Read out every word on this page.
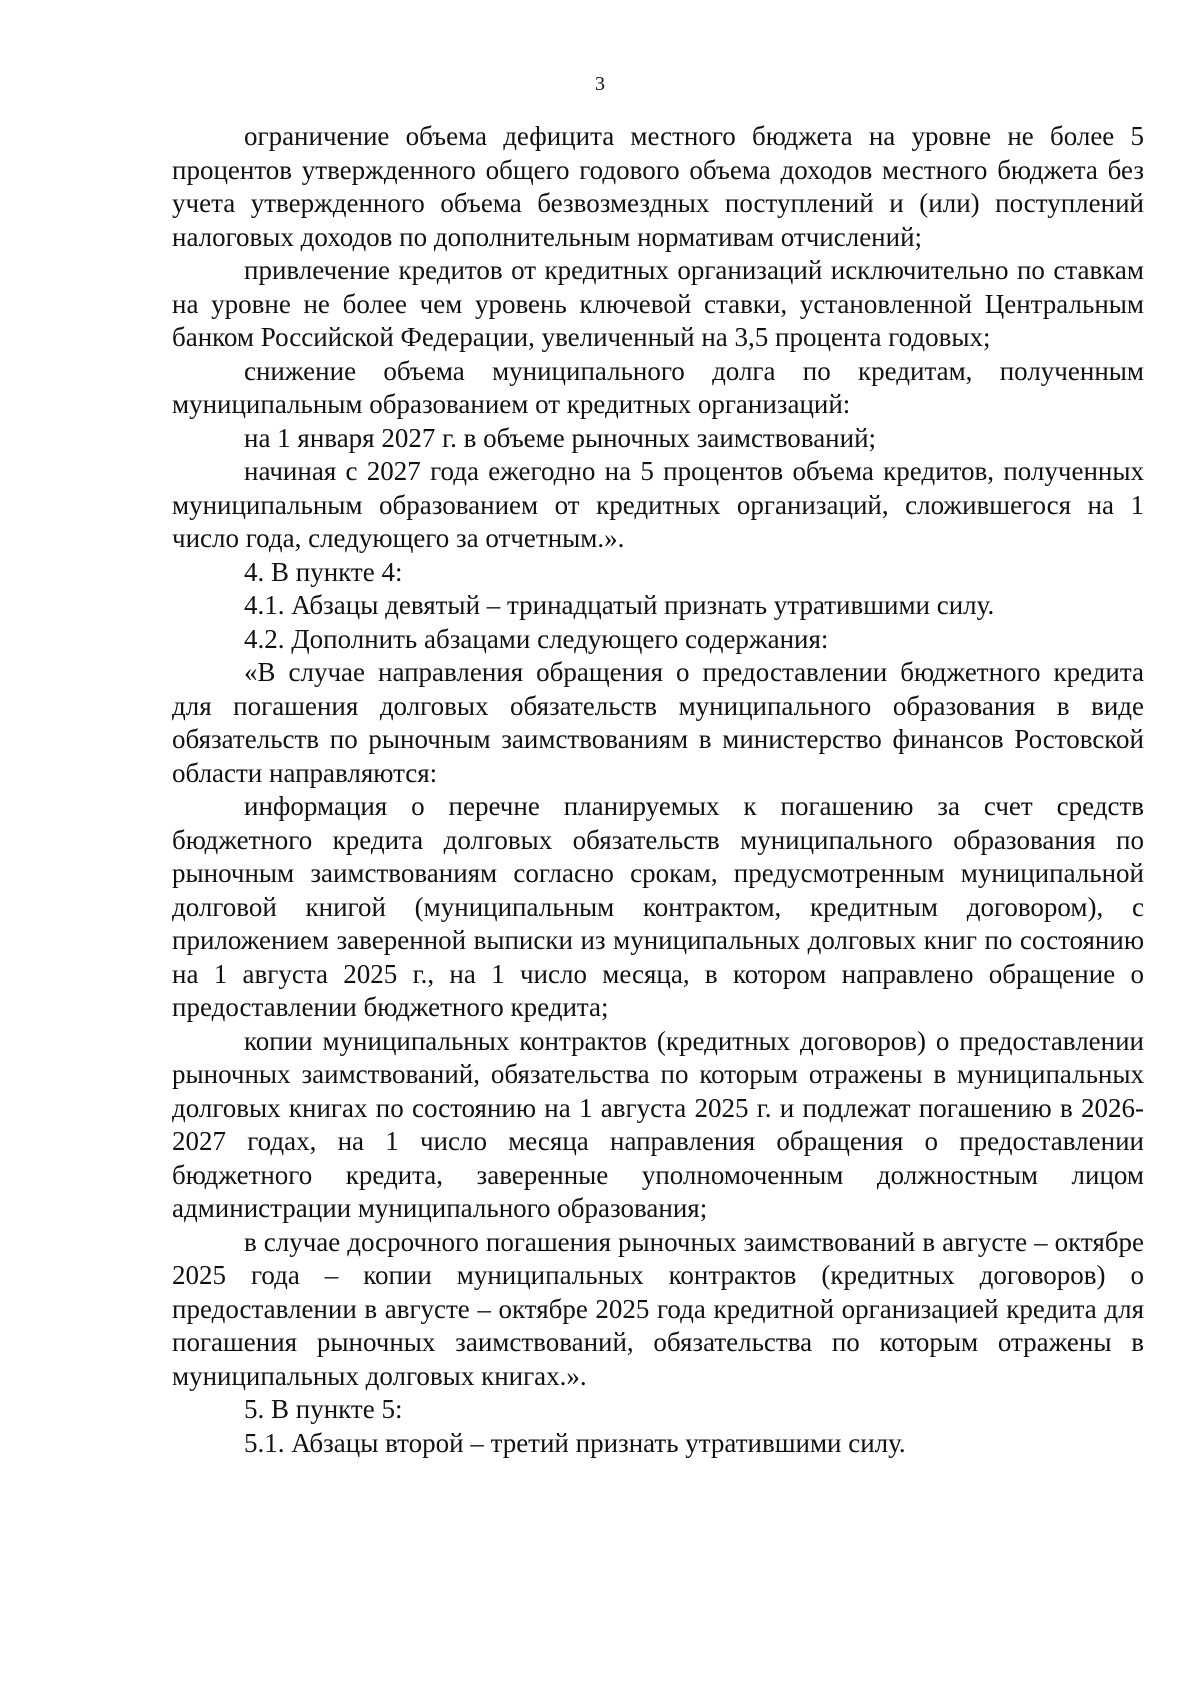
3

ограничение объема дефицита местного бюджета на уровне не более 5 процентов утвержденного общего годового объема доходов местного бюджета без учета утвержденного объема безвозмездных поступлений и (или) поступлений налоговых доходов по дополнительным нормативам отчислений;

привлечение кредитов от кредитных организаций исключительно по ставкам на уровне не более чем уровень ключевой ставки, установленной Центральным банком Российской Федерации, увеличенный на 3,5 процента годовых;

снижение объема муниципального долга по кредитам, полученным муниципальным образованием от кредитных организаций:

на 1 января 2027 г. в объеме рыночных заимствований;

начиная с 2027 года ежегодно на 5 процентов объема кредитов, полученных муниципальным образованием от кредитных организаций, сложившегося на 1 число года, следующего за отчетным.».

4. В пункте 4:

4.1. Абзацы девятый – тринадцатый признать утратившими силу.

4.2. Дополнить абзацами следующего содержания:

«В случае направления обращения о предоставлении бюджетного кредита для погашения долговых обязательств муниципального образования в виде обязательств по рыночным заимствованиям в министерство финансов Ростовской области направляются:

информация о перечне планируемых к погашению за счет средств бюджетного кредита долговых обязательств муниципального образования по рыночным заимствованиям согласно срокам, предусмотренным муниципальной долговой книгой (муниципальным контрактом, кредитным договором), с приложением заверенной выписки из муниципальных долговых книг по состоянию на 1 августа 2025 г., на 1 число месяца, в котором направлено обращение о предоставлении бюджетного кредита;

копии муниципальных контрактов (кредитных договоров) о предоставлении рыночных заимствований, обязательства по которым отражены в муниципальных долговых книгах по состоянию на 1 августа 2025 г. и подлежат погашению в 2026-2027 годах, на 1 число месяца направления обращения о предоставлении бюджетного кредита, заверенные уполномоченным должностным лицом администрации муниципального образования;

в случае досрочного погашения рыночных заимствований в августе – октябре 2025 года – копии муниципальных контрактов (кредитных договоров) о предоставлении в августе – октябре 2025 года кредитной организацией кредита для погашения рыночных заимствований, обязательства по которым отражены в муниципальных долговых книгах.».

5. В пункте 5:

5.1. Абзацы второй – третий признать утратившими силу.
